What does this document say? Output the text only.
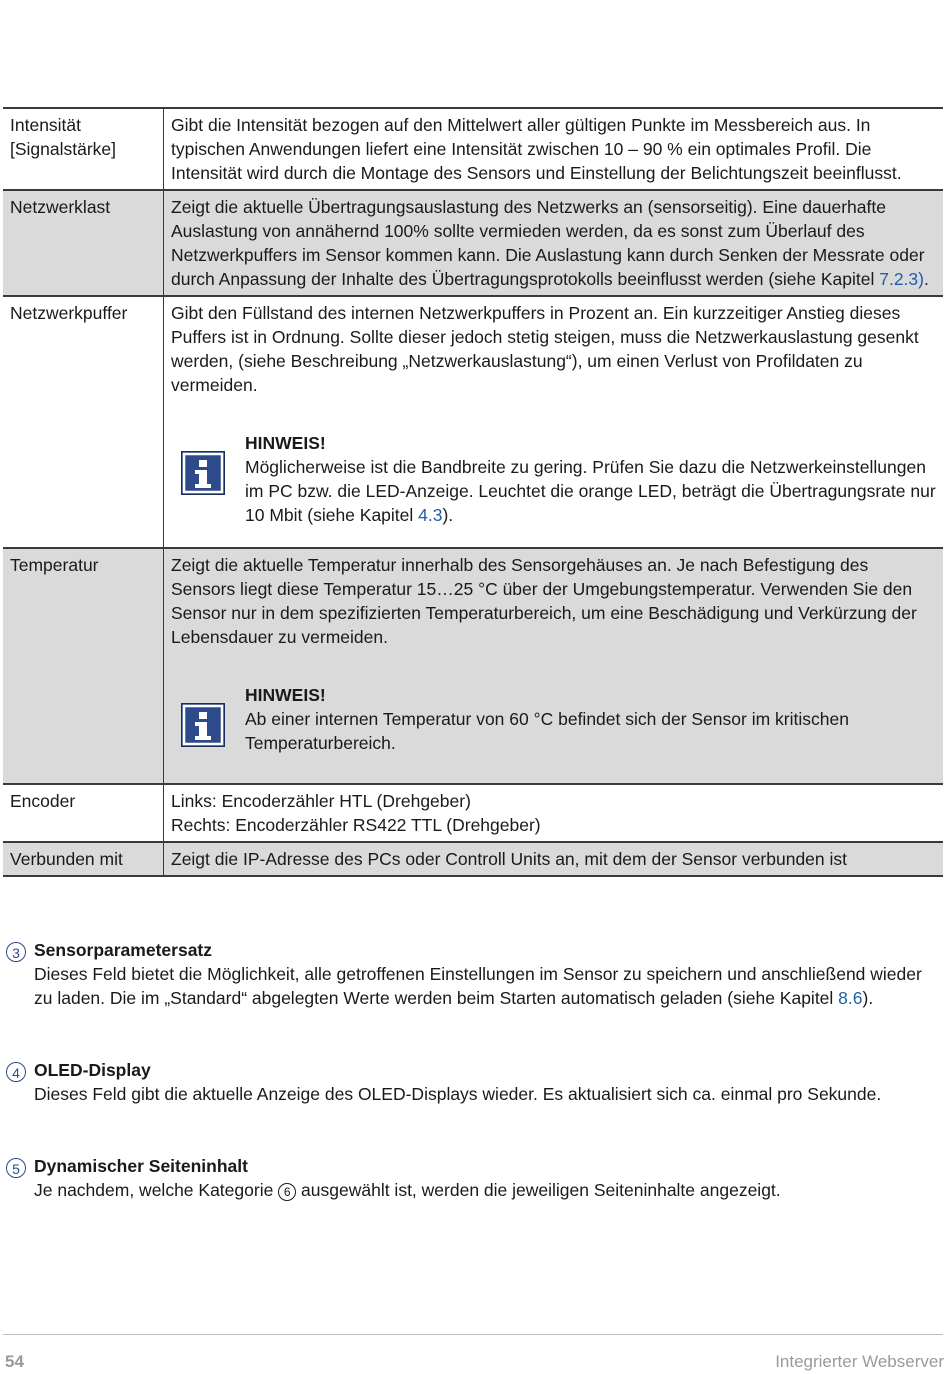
Intensität [Signalstärke]	Gibt die Intensität bezogen auf den Mittelwert aller gültigen Punkte im Messbereich aus. In typischen Anwendungen liefert eine Intensität zwischen 10 – 90 % ein optimales Profil. Die Intensität wird durch die Montage des Sensors und Einstellung der Belichtungszeit beeinflusst.
Netzwerklast	Zeigt die aktuelle Übertragungsauslastung des Netzwerks an (sensorseitig). Eine dauerhafte Auslastung von annähernd 100% sollte vermieden werden, da es sonst zum Überlauf des Netzwerkpuffers im Sensor kommen kann. Die Auslastung kann durch Senken der Messrate oder durch Anpassung der Inhalte des Übertragungsprotokolls beeinflusst werden (siehe Kapitel 7.2.3).
Netzwerkpuffer	Gibt den Füllstand des internen Netzwerkpuffers in Prozent an. Ein kurzzeitiger Anstieg dieses Puffers ist in Ordnung. Sollte dieser jedoch stetig steigen, muss die Netzwerkauslastung gesenkt werden, (siehe Beschreibung „Netzwerkauslastung“), um einen Verlust von Profildaten zu vermeiden.
HINWEIS!
Möglicherweise ist die Bandbreite zu gering. Prüfen Sie dazu die Netzwerkeinstellungen im PC bzw. die LED-Anzeige. Leuchtet die orange LED, beträgt die Übertragungsrate nur 10 Mbit (siehe Kapitel 4.3).

Temperatur	Zeigt die aktuelle Temperatur innerhalb des Sensorgehäuses an. Je nach Befestigung des Sensors liegt diese Temperatur 15…25 °C über der Umgebungstemperatur. Verwenden Sie den Sensor nur in dem spezifizierten Temperaturbereich, um eine Beschädigung und Verkürzung der Lebensdauer zu vermeiden.
HINWEIS!
Ab einer internen Temperatur von 60 °C befindet sich der Sensor im kritischen Temperaturbereich.

Encoder	Links: Encoderzähler HTL (Drehgeber)
Rechts: Encoderzähler RS422 TTL (Drehgeber)

Verbunden mit	Zeigt die IP-Adresse des PCs oder Controll Units an, mit dem der Sensor verbunden ist
3 Sensorparametersatz
Dieses Feld bietet die Möglichkeit, alle getroffenen Einstellungen im Sensor zu speichern und anschließend wieder zu laden. Die im „Standard“ abgelegten Werte werden beim Starten automatisch geladen (siehe Kapitel 8.6).
4 OLED-Display
Dieses Feld gibt die aktuelle Anzeige des OLED-Displays wieder. Es aktualisiert sich ca. einmal pro Sekunde.
5 Dynamischer Seiteninhalt
Je nachdem, welche Kategorie 6 ausgewählt ist, werden die jeweiligen Seiteninhalte angezeigt.
54	Integrierter Webserver
